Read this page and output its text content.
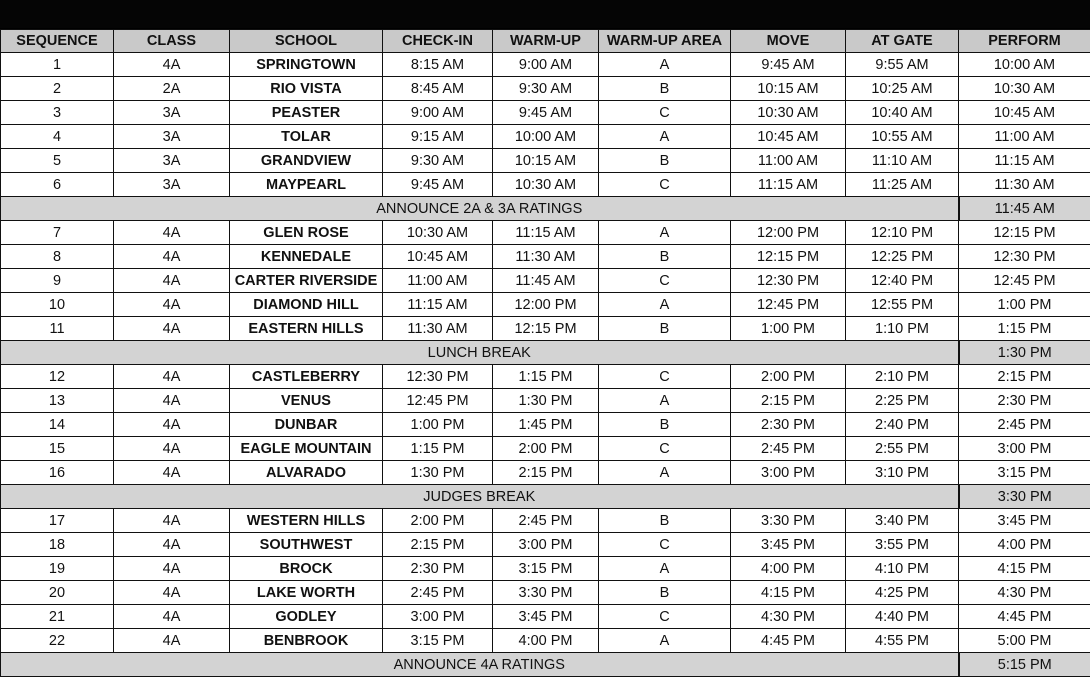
SEQUENCE	CLASS	SCHOOL	CHECK-IN	WARM-UP	WARM-UP AREA	MOVE	AT GATE	PERFORM
1	4A	SPRINGTOWN	8:15 AM	9:00 AM	A	9:45 AM	9:55 AM	10:00 AM
2	2A	RIO VISTA	8:45 AM	9:30 AM	B	10:15 AM	10:25 AM	10:30 AM
3	3A	PEASTER	9:00 AM	9:45 AM	C	10:30 AM	10:40 AM	10:45 AM
4	3A	TOLAR	9:15 AM	10:00 AM	A	10:45 AM	10:55 AM	11:00 AM
5	3A	GRANDVIEW	9:30 AM	10:15 AM	B	11:00 AM	11:10 AM	11:15 AM
6	3A	MAYPEARL	9:45 AM	10:30 AM	C	11:15 AM	11:25 AM	11:30 AM
ANNOUNCE 2A & 3A RATINGS								11:45 AM
7	4A	GLEN ROSE	10:30 AM	11:15 AM	A	12:00 PM	12:10 PM	12:15 PM
8	4A	KENNEDALE	10:45 AM	11:30 AM	B	12:15 PM	12:25 PM	12:30 PM
9	4A	CARTER RIVERSIDE	11:00 AM	11:45 AM	C	12:30 PM	12:40 PM	12:45 PM
10	4A	DIAMOND HILL	11:15 AM	12:00 PM	A	12:45 PM	12:55 PM	1:00 PM
11	4A	EASTERN HILLS	11:30 AM	12:15 PM	B	1:00 PM	1:10 PM	1:15 PM
LUNCH BREAK								1:30 PM
12	4A	CASTLEBERRY	12:30 PM	1:15 PM	C	2:00 PM	2:10 PM	2:15 PM
13	4A	VENUS	12:45 PM	1:30 PM	A	2:15 PM	2:25 PM	2:30 PM
14	4A	DUNBAR	1:00 PM	1:45 PM	B	2:30 PM	2:40 PM	2:45 PM
15	4A	EAGLE MOUNTAIN	1:15 PM	2:00 PM	C	2:45 PM	2:55 PM	3:00 PM
16	4A	ALVARADO	1:30 PM	2:15 PM	A	3:00 PM	3:10 PM	3:15 PM
JUDGES BREAK								3:30 PM
17	4A	WESTERN HILLS	2:00 PM	2:45 PM	B	3:30 PM	3:40 PM	3:45 PM
18	4A	SOUTHWEST	2:15 PM	3:00 PM	C	3:45 PM	3:55 PM	4:00 PM
19	4A	BROCK	2:30 PM	3:15 PM	A	4:00 PM	4:10 PM	4:15 PM
20	4A	LAKE WORTH	2:45 PM	3:30 PM	B	4:15 PM	4:25 PM	4:30 PM
21	4A	GODLEY	3:00 PM	3:45 PM	C	4:30 PM	4:40 PM	4:45 PM
22	4A	BENBROOK	3:15 PM	4:00 PM	A	4:45 PM	4:55 PM	5:00 PM
ANNOUNCE 4A RATINGS								5:15 PM
